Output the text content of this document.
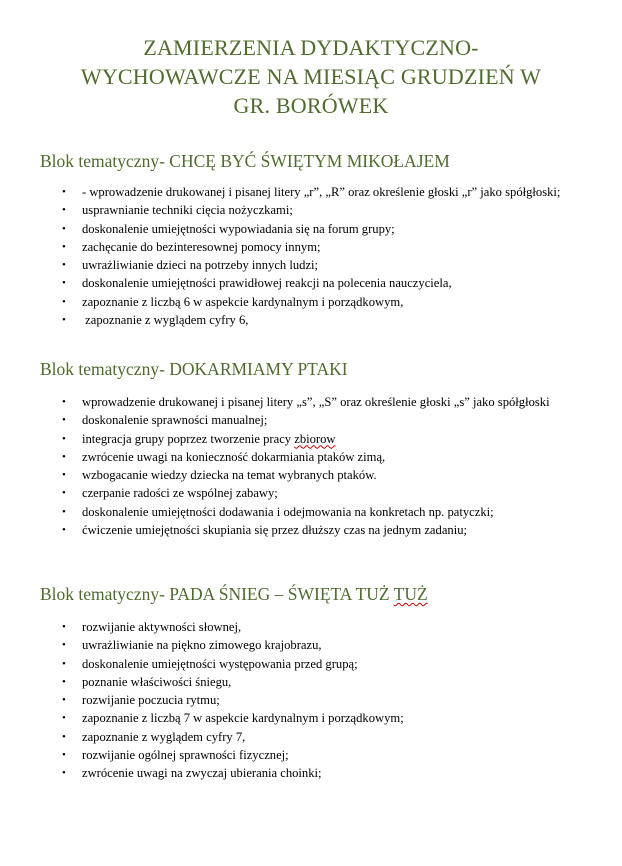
ZAMIERZENIA DYDAKTYCZNO-
WYCHOWAWCZE NA MIESIĄC GRUDZIEŃ W
GR. BORÓWEK
Blok tematyczny- CHCĘ BYĆ ŚWIĘTYM MIKOŁAJEM
• - wprowadzenie drukowanej i pisanej litery „r”, „R” oraz określenie głoski „r” jako spółgłoski;
• usprawnianie techniki cięcia nożyczkami;
• doskonalenie umiejętności wypowiadania się na forum grupy;
• zachęcanie do bezinteresownej pomocy innym;
• uwrażliwianie dzieci na potrzeby innych ludzi;
• doskonalenie umiejętności prawidłowej reakcji na polecenia nauczyciela,
• zapoznanie z liczbą 6 w aspekcie kardynalnym i porządkowym,
• zapoznanie z wyglądem cyfry 6,
Blok tematyczny- DOKARMIAMY PTAKI
• wprowadzenie drukowanej i pisanej litery „s”, „S” oraz określenie głoski „s” jako spółgłoski
• doskonalenie sprawności manualnej;
• integracja grupy poprzez tworzenie pracy zbiorow
• zwrócenie uwagi na konieczność dokarmiania ptaków zimą,
• wzbogacanie wiedzy dziecka na temat wybranych ptaków.
• czerpanie radości ze wspólnej zabawy;
• doskonalenie umiejętności dodawania i odejmowania na konkretach np. patyczki;
• ćwiczenie umiejętności skupiania się przez dłuższy czas na jednym zadaniu;
Blok tematyczny- PADA ŚNIEG – ŚWIĘTA TUŻ TUŻ
• rozwijanie aktywności słownej,
• uwrażliwianie na piękno zimowego krajobrazu,
• doskonalenie umiejętności występowania przed grupą;
• poznanie właściwości śniegu,
• rozwijanie poczucia rytmu;
• zapoznanie z liczbą 7 w aspekcie kardynalnym i porządkowym;
• zapoznanie z wyglądem cyfry 7,
• rozwijanie ogólnej sprawności fizycznej;
• zwrócenie uwagi na zwyczaj ubierania choinki;
